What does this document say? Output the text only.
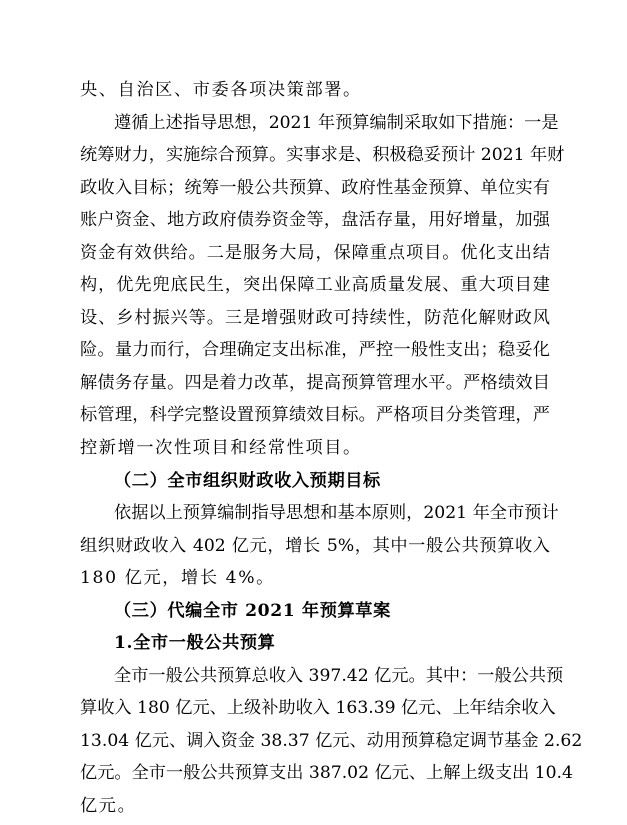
央、自治区、市委各项决策部署。
遵循上述指导思想，2021 年预算编制采取如下措施：一是
统筹财力，实施综合预算。实事求是、积极稳妥预计 2021 年财
政收入目标；统筹一般公共预算、政府性基金预算、单位实有
账户资金、地方政府债券资金等，盘活存量，用好增量，加强
资金有效供给。二是服务大局，保障重点项目。优化支出结
构，优先兜底民生，突出保障工业高质量发展、重大项目建
设、乡村振兴等。三是增强财政可持续性，防范化解财政风
险。量力而行，合理确定支出标准，严控一般性支出；稳妥化
解债务存量。四是着力改革，提高预算管理水平。严格绩效目
标管理，科学完整设置预算绩效目标。严格项目分类管理，严
控新增一次性项目和经常性项目。
（二）全市组织财政收入预期目标
依据以上预算编制指导思想和基本原则，2021 年全市预计
组织财政收入 402 亿元，增长 5%，其中一般公共预算收入
180 亿元，增长 4%。
（三）代编全市 2021 年预算草案
1.全市一般公共预算
全市一般公共预算总收入 397.42 亿元。其中：一般公共预
算收入 180 亿元、上级补助收入 163.39 亿元、上年结余收入
13.04 亿元、调入资金 38.37 亿元、动用预算稳定调节基金 2.62
亿元。全市一般公共预算支出 387.02 亿元、上解上级支出 10.4
亿元。
